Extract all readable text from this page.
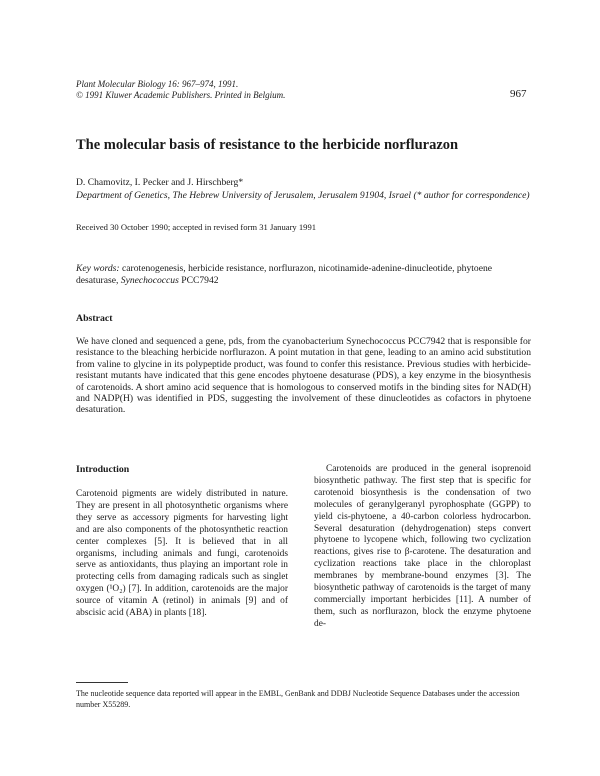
Plant Molecular Biology 16: 967–974, 1991.
© 1991 Kluwer Academic Publishers. Printed in Belgium.	967
The molecular basis of resistance to the herbicide norflurazon
D. Chamovitz, I. Pecker and J. Hirschberg*
Department of Genetics, The Hebrew University of Jerusalem, Jerusalem 91904, Israel (* author for correspondence)
Received 30 October 1990; accepted in revised form 31 January 1991
Key words: carotenogenesis, herbicide resistance, norflurazon, nicotinamide-adenine-dinucleotide, phytoene desaturase, Synechococcus PCC7942
Abstract

We have cloned and sequenced a gene, pds, from the cyanobacterium Synechococcus PCC7942 that is responsible for resistance to the bleaching herbicide norflurazon. A point mutation in that gene, leading to an amino acid substitution from valine to glycine in its polypeptide product, was found to confer this resistance. Previous studies with herbicide-resistant mutants have indicated that this gene encodes phytoene desaturase (PDS), a key enzyme in the biosynthesis of carotenoids. A short amino acid sequence that is homologous to conserved motifs in the binding sites for NAD(H) and NADP(H) was identified in PDS, suggesting the involvement of these dinucleotides as cofactors in phytoene desaturation.

Introduction

Carotenoid pigments are widely distributed in nature. They are present in all photosynthetic organisms where they serve as accessory pigments for harvesting light and are also components of the photosynthetic reaction center complexes [5]. It is believed that in all organisms, including animals and fungi, carotenoids serve as antioxidants, thus playing an important role in protecting cells from damaging radicals such as singlet oxygen (¹O₂) [7]. In addition, carotenoids are the major source of vitamin A (retinol) in animals [9] and of abscisic acid (ABA) in plants [18].

Carotenoids are produced in the general isoprenoid biosynthetic pathway. The first step that is specific for carotenoid biosynthesis is the condensation of two molecules of geranylgeranyl pyrophosphate (GGPP) to yield cis-phytoene, a 40-carbon colorless hydrocarbon. Several desaturation (dehydrogenation) steps convert phytoene to lycopene which, following two cyclization reactions, gives rise to β-carotene. The desaturation and cyclization reactions take place in the chloroplast membranes by membrane-bound enzymes [3]. The biosynthetic pathway of carotenoids is the target of many commercially important herbicides [11]. A number of them, such as norflurazon, block the enzyme phytoene de-

The nucleotide sequence data reported will appear in the EMBL, GenBank and DDBJ Nucleotide Sequence Databases under the accession number X55289.
